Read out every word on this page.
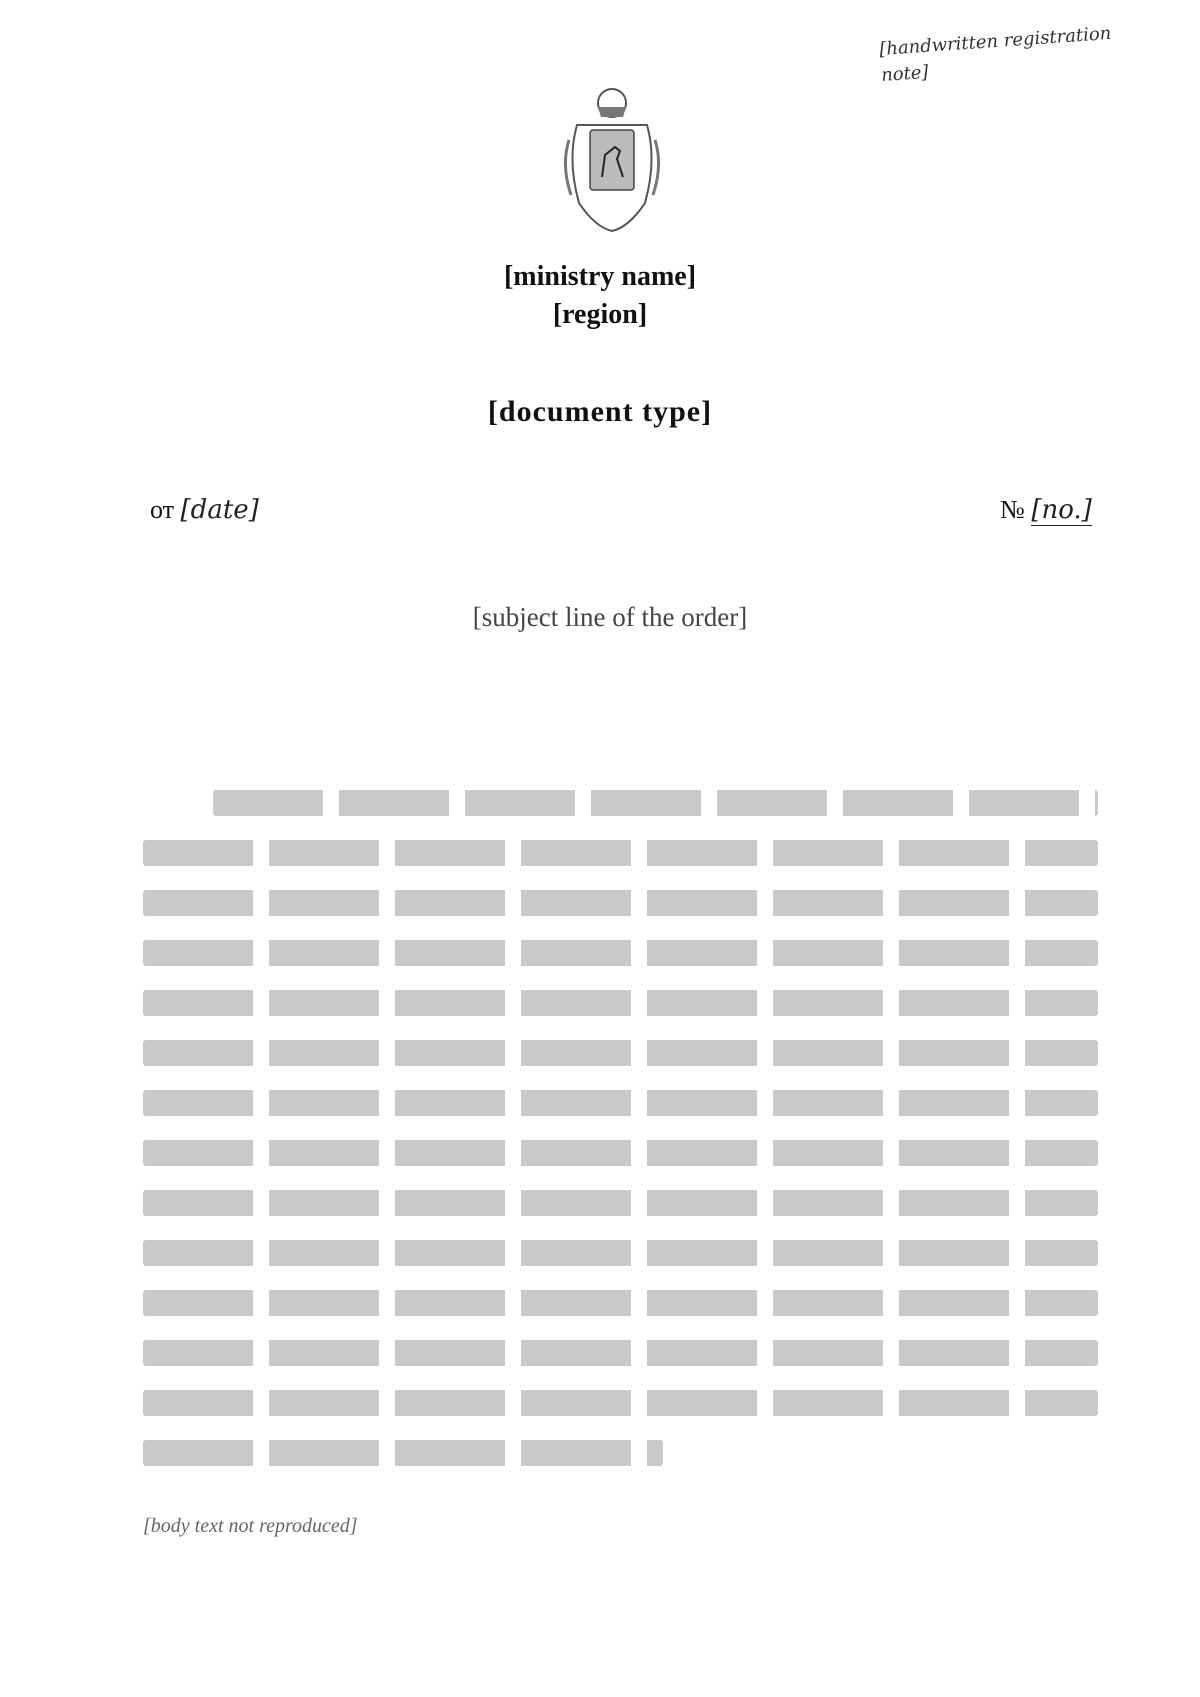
[handwritten registration note]
[ministry name]
[region]
[document type]
от [date]	№ [no.]
[subject line of the order]
[body text not reproduced]
